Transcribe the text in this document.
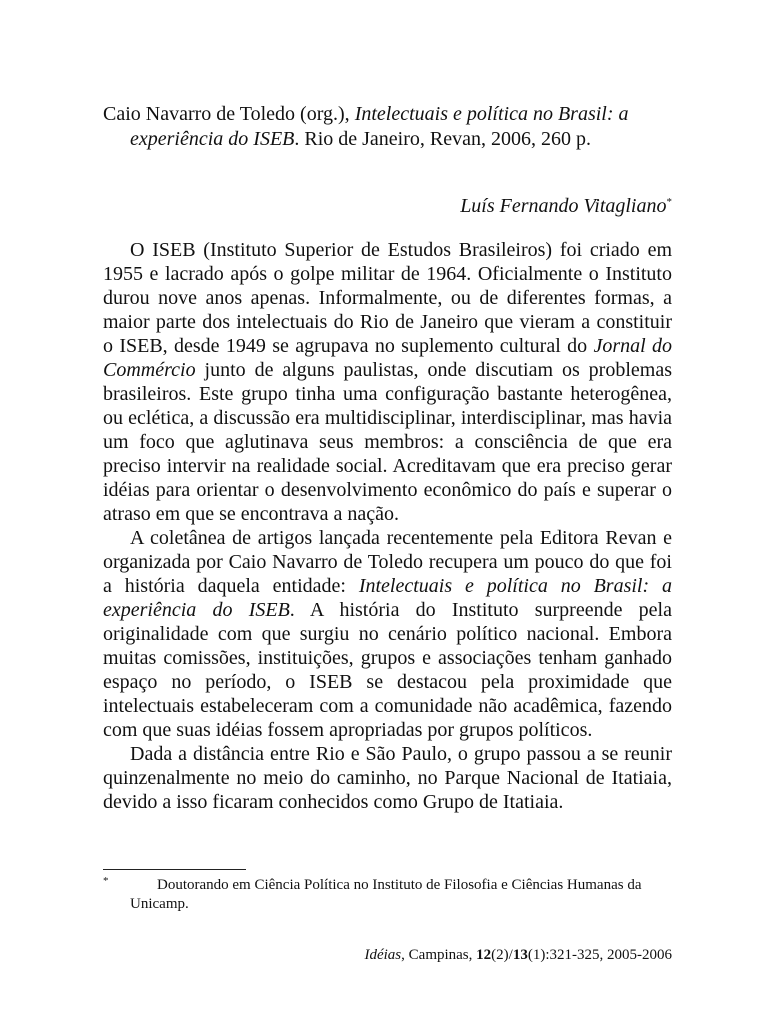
Caio Navarro de Toledo (org.), Intelectuais e política no Brasil: a experiência do ISEB. Rio de Janeiro, Revan, 2006, 260 p.

Luís Fernando Vitagliano*

O ISEB (Instituto Superior de Estudos Brasileiros) foi criado em 1955 e lacrado após o golpe militar de 1964. Oficialmente o Instituto durou nove anos apenas. Informalmente, ou de diferentes formas, a maior parte dos intelectuais do Rio de Janeiro que vieram a constituir o ISEB, desde 1949 se agrupava no suplemento cultural do Jornal do Commércio junto de alguns paulistas, onde discutiam os problemas brasileiros. Este grupo tinha uma configuração bastante heterogênea, ou eclética, a discussão era multidisciplinar, interdisciplinar, mas havia um foco que aglutinava seus membros: a consciência de que era preciso intervir na realidade social. Acreditavam que era preciso gerar idéias para orientar o desenvolvimento econômico do país e superar o atraso em que se encontrava a nação.

A coletânea de artigos lançada recentemente pela Editora Revan e organizada por Caio Navarro de Toledo recupera um pouco do que foi a história daquela entidade: Intelectuais e política no Brasil: a experiência do ISEB. A história do Instituto surpreende pela originalidade com que surgiu no cenário político nacional. Embora muitas comissões, instituições, grupos e associações tenham ganhado espaço no período, o ISEB se destacou pela proximidade que intelectuais estabeleceram com a comunidade não acadêmica, fazendo com que suas idéias fossem apropriadas por grupos políticos.

Dada a distância entre Rio e São Paulo, o grupo passou a se reunir quinzenalmente no meio do caminho, no Parque Nacional de Itatiaia, devido a isso ficaram conhecidos como Grupo de Itatiaia.

*	Doutorando em Ciência Política no Instituto de Filosofia e Ciências Humanas da Unicamp.

Idéias, Campinas, 12(2)/13(1):321-325, 2005-2006
